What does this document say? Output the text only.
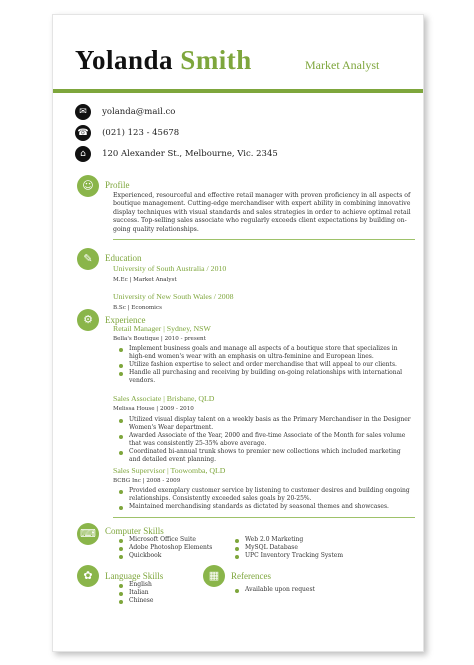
Yolanda Smith	Market Analyst
✉ yolanda@mail.co
☎ (021) 123 - 45678
⌂ 120 Alexander St., Melbourne, Vic. 2345
☺	Profile
Experienced, resourceful and effective retail manager with proven proficiency in all aspects of boutique management. Cutting-edge merchandiser with expert ability in combining innovative display techniques with visual standards and sales strategies in order to achieve optimal retail success. Top-selling sales associate who regularly exceeds client expectations by building on-going quality relationships.
✎	Education
University of South Australia / 2010
M.Ec | Market Analyst
University of New South Wales / 2008
B.Sc | Economics
⚙	Experience
Retail Manager | Sydney, NSW
Bella's Boutique | 2010 - present
Implement business goals and manage all aspects of a boutique store that specializes in high-end women's wear with an emphasis on ultra-feminine and European lines.
Utilize fashion expertise to select and order merchandise that will appeal to our clients.
Handle all purchasing and receiving by building on-going relationships with international vendors.
Sales Associate | Brisbane, QLD
Melissa House | 2009 - 2010
Utilized visual display talent on a weekly basis as the Primary Merchandiser in the Designer Women's Wear department.
Awarded Associate of the Year, 2000 and five-time Associate of the Month for sales volume that was consistently 25-35% above average.
Coordinated bi-annual trunk shows to premier new collections which included marketing and detailed event planning.
Sales Supervisor | Toowomba, QLD
BCBG Inc | 2008 - 2009
Provided exemplary customer service by listening to customer desires and building ongoing relationships. Consistently exceeded sales goals by 20-25%.
Maintained merchandising standards as dictated by seasonal themes and showcases.
⌨	Computer Skills
Microsoft Office Suite
Adobe Photoshop Elements
Quickbook
Web 2.0 Marketing
MySQL Database
UPC Inventory Tracking System
✿	Language Skills
English
Italian
Chinese
▦	References
Available upon request
